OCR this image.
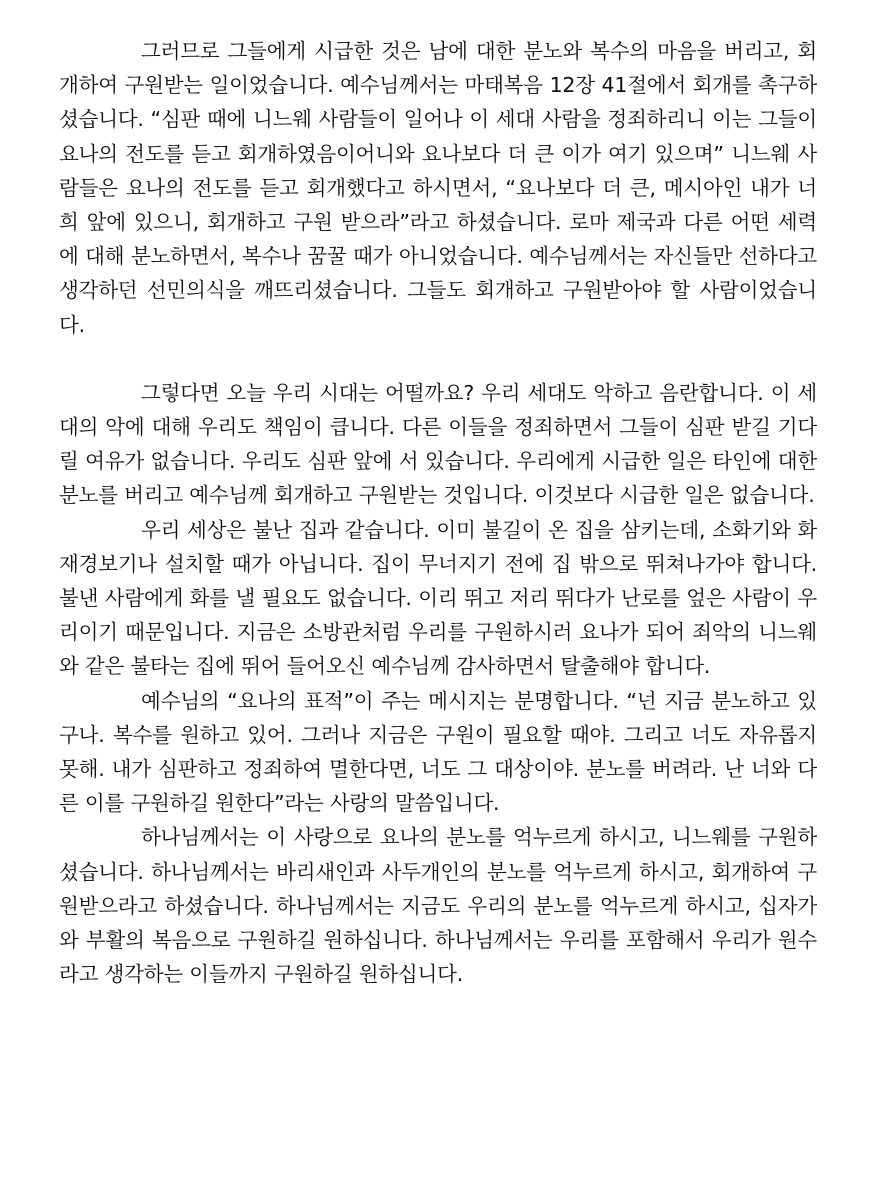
그러므로 그들에게 시급한 것은 남에 대한 분노와 복수의 마음을 버리고, 회개하여 구원받는 일이었습니다. 예수님께서는 마태복음 12장 41절에서 회개를 촉구하셨습니다. “심판 때에 니느웨 사람들이 일어나 이 세대 사람을 정죄하리니 이는 그들이 요나의 전도를 듣고 회개하였음이어니와 요나보다 더 큰 이가 여기 있으며” 니느웨 사람들은 요나의 전도를 듣고 회개했다고 하시면서, “요나보다 더 큰, 메시아인 내가 너희 앞에 있으니, 회개하고 구원 받으라”라고 하셨습니다. 로마 제국과 다른 어떤 세력에 대해 분노하면서, 복수나 꿈꿀 때가 아니었습니다. 예수님께서는 자신들만 선하다고 생각하던 선민의식을 깨뜨리셨습니다. 그들도 회개하고 구원받아야 할 사람이었습니다.

그렇다면 오늘 우리 시대는 어떨까요? 우리 세대도 악하고 음란합니다. 이 세대의 악에 대해 우리도 책임이 큽니다. 다른 이들을 정죄하면서 그들이 심판 받길 기다릴 여유가 없습니다. 우리도 심판 앞에 서 있습니다. 우리에게 시급한 일은 타인에 대한 분노를 버리고 예수님께 회개하고 구원받는 것입니다. 이것보다 시급한 일은 없습니다.

우리 세상은 불난 집과 같습니다. 이미 불길이 온 집을 삼키는데, 소화기와 화재경보기나 설치할 때가 아닙니다. 집이 무너지기 전에 집 밖으로 뛰쳐나가야 합니다. 불낸 사람에게 화를 낼 필요도 없습니다. 이리 뛰고 저리 뛰다가 난로를 엎은 사람이 우리이기 때문입니다. 지금은 소방관처럼 우리를 구원하시러 요나가 되어 죄악의 니느웨와 같은 불타는 집에 뛰어 들어오신 예수님께 감사하면서 탈출해야 합니다.

예수님의 “요나의 표적”이 주는 메시지는 분명합니다. “넌 지금 분노하고 있구나. 복수를 원하고 있어. 그러나 지금은 구원이 필요할 때야. 그리고 너도 자유롭지 못해. 내가 심판하고 정죄하여 멸한다면, 너도 그 대상이야. 분노를 버려라. 난 너와 다른 이를 구원하길 원한다”라는 사랑의 말씀입니다.

하나님께서는 이 사랑으로 요나의 분노를 억누르게 하시고, 니느웨를 구원하셨습니다. 하나님께서는 바리새인과 사두개인의 분노를 억누르게 하시고, 회개하여 구원받으라고 하셨습니다. 하나님께서는 지금도 우리의 분노를 억누르게 하시고, 십자가와 부활의 복음으로 구원하길 원하십니다. 하나님께서는 우리를 포함해서 우리가 원수라고 생각하는 이들까지 구원하길 원하십니다.
